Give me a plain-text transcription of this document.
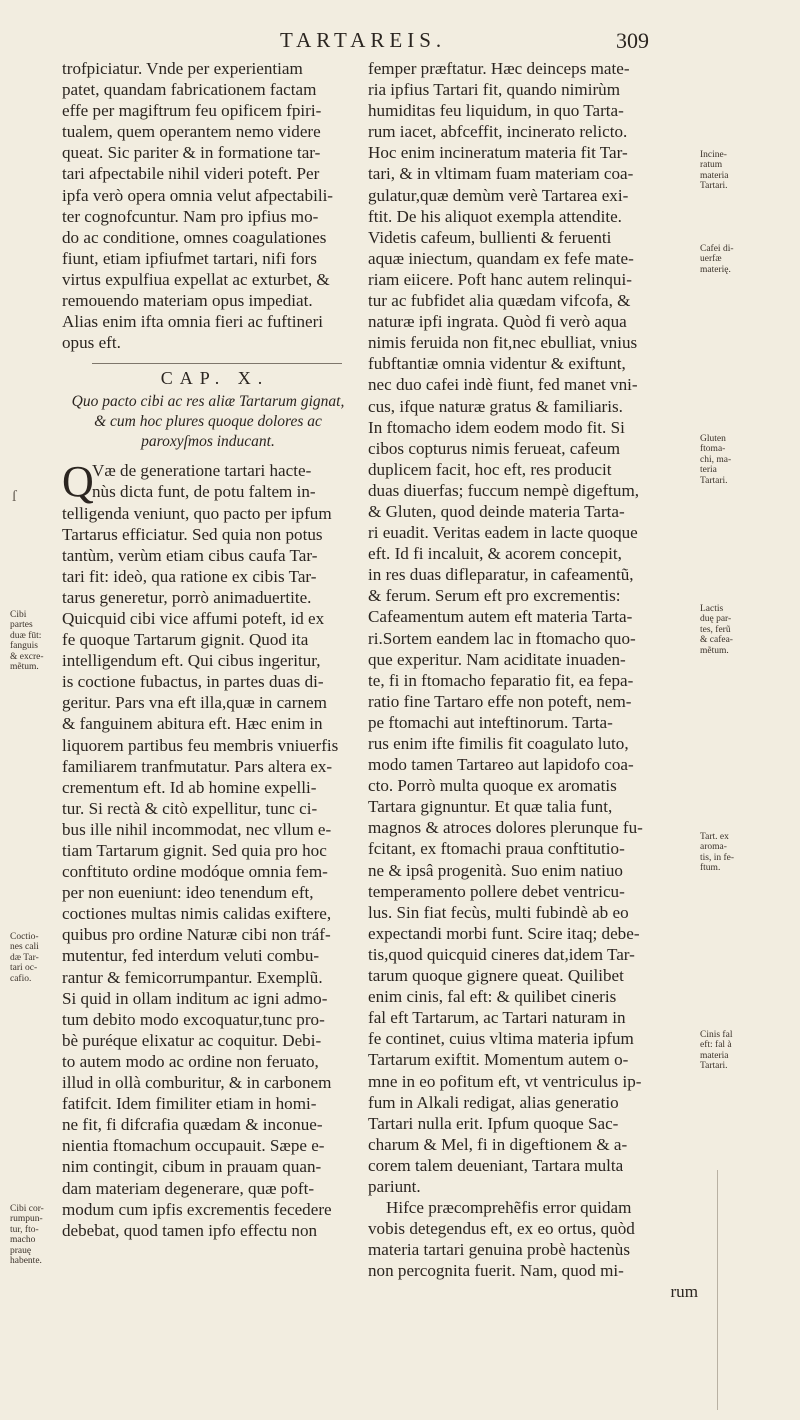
TARTAREIS.	309
trofpiciatur. Vnde per experientiam
patet, quandam fabricationem factam
effe per magiftrum feu opificem fpiri-
tualem, quem operantem nemo videre
queat. Sic pariter & in formatione tar-
tari afpectabile nihil videri poteft. Per
ipfa verò opera omnia velut afpectabili-
ter cognofcuntur. Nam pro ipfius mo-
do ac conditione, omnes coagulationes
fiunt, etiam ipfiufmet tartari, nifi fors
virtus expulfiua expellat ac exturbet, &
remouendo materiam opus impediat.
Alias enim ifta omnia fieri ac fuftineri
opus eft.
CAP. X.
Quo pacto cibi ac res aliæ Tartarum gignat,
& cum hoc plures quoque dolores ac
paroxyſmos inducant.
Q
Væ de generatione tartari hacte-
nùs dicta funt, de potu faltem in-
telligenda veniunt, quo pacto per ipfum
Tartarus efficiatur. Sed quia non potus
tantùm, verùm etiam cibus caufa Tar-
tari fit: ideò, qua ratione ex cibis Tar-
tarus generetur, porrò animaduertite.
Quicquid cibi vice affumi poteft, id ex
fe quoque Tartarum gignit. Quod ita
intelligendum eft. Qui cibus ingeritur,
is coctione fubactus, in partes duas di-
geritur. Pars vna eft illa,quæ in carnem
& fanguinem abitura eft. Hæc enim in
liquorem partibus feu membris vniuerfis
familiarem tranfmutatur. Pars altera ex-
crementum eft. Id ab homine expelli-
tur. Si rectà & citò expellitur, tunc ci-
bus ille nihil incommodat, nec vllum e-
tiam Tartarum gignit. Sed quia pro hoc
conftituto ordine modóque omnia fem-
per non eueniunt: ideo tenendum eft,
coctiones multas nimis calidas exiftere,
quibus pro ordine Naturæ cibi non tráf-
mutentur, fed interdum veluti combu-
rantur & femicorrumpantur. Exemplũ.
Si quid in ollam inditum ac igni admo-
tum debito modo excoquatur,tunc pro-
bè puréque elixatur ac coquitur. Debi-
to autem modo ac ordine non feruato,
illud in ollà comburitur, & in carbonem
fatifcit. Idem fimiliter etiam in homi-
ne fit, fi difcrafia quædam & inconue-
nientia ftomachum occupauit. Sæpe e-
nim contingit, cibum in prauam quan-
dam materiam degenerare, quæ poft-
modum cum ipfis excrementis fecedere
debebat, quod tamen ipfo effectu non
femper præftatur. Hæc deinceps mate-
ria ipfius Tartari fit, quando nimirùm
humiditas feu liquidum, in quo Tarta-
rum iacet, abfceffit, incinerato relicto.
Hoc enim incineratum materia fit Tar-
tari, & in vltimam fuam materiam coa-
gulatur,quæ demùm verè Tartarea exi-
ftit. De his aliquot exempla attendite.
Videtis cafeum, bullienti & feruenti
aquæ iniectum, quandam ex fefe mate-
riam eiicere. Poft hanc autem relinqui-
tur ac fubfidet alia quædam vifcofa, &
naturæ ipfi ingrata. Quòd fi verò aqua
nimis feruida non fit,nec ebulliat, vnius
fubftantiæ omnia videntur & exiftunt,
nec duo cafei indè fiunt, fed manet vni-
cus, ifque naturæ gratus & familiaris.
In ftomacho idem eodem modo fit. Si
cibos copturus nimis ferueat, cafeum
duplicem facit, hoc eft, res producit
duas diuerfas; fuccum nempè digeftum,
& Gluten, quod deinde materia Tarta-
ri euadit. Veritas eadem in lacte quoque
eft. Id fi incaluit, & acorem concepit,
in res duas difleparatur, in cafeamentũ,
& ferum. Serum eft pro excrementis:
Cafeamentum autem eft materia Tarta-
ri.Sortem eandem lac in ftomacho quo-
que experitur. Nam aciditate inuaden-
te, fi in ftomacho feparatio fit, ea fepa-
ratio fine Tartaro effe non poteft, nem-
pe ftomachi aut inteftinorum. Tarta-
rus enim ifte fimilis fit coagulato luto,
modo tamen Tartareo aut lapidofo coa-
cto. Porrò multa quoque ex aromatis
Tartara gignuntur. Et quæ talia funt,
magnos & atroces dolores plerunque fu-
fcitant, ex ftomachi praua conftitutio-
ne & ipsâ progenità. Suo enim natiuo
temperamento pollere debet ventricu-
lus. Sin fiat fecùs, multi fubindè ab eo
expectandi morbi funt. Scire itaq; debe-
tis,quod quicquid cineres dat,idem Tar-
tarum quoque gignere queat. Quilibet
enim cinis, fal eft: & quilibet cineris
fal eft Tartarum, ac Tartari naturam in
fe continet, cuius vltima materia ipfum
Tartarum exiftit. Momentum autem o-
mne in eo pofitum eft, vt ventriculus ip-
fum in Alkali redigat, alias generatio
Tartari nulla erit. Ipfum quoque Sac-
charum & Mel, fi in digeftionem & a-
corem talem deueniant, Tartara multa
pariunt.
Hifce præcomprehẽfis error quidam
vobis detegendus eft, ex eo ortus, quòd
materia tartari genuina probè hactenùs
non percognita fuerit. Nam, quod mi-
rum
Incine-
ratum
materia
Tartari.
Cafei di-
uerfæ
materię.
Gluten
ftoma-
chi, ma-
teria
Tartari.
Lactis
duę par-
tes, ferũ
& cafea-
mẽtum.
Tart. ex
aroma-
tis, in fe-
ftum.
Cinis fal
eft: fal à
materia
Tartari.
Cibi
partes
duæ fūt:
fanguis
& excre-
mẽtum.
Coctio-
nes cali
dæ Tar-
tari oc-
cafio.
Cibi cor-
rumpun-
tur, fto-
macho
prauę
habente.
ſ
